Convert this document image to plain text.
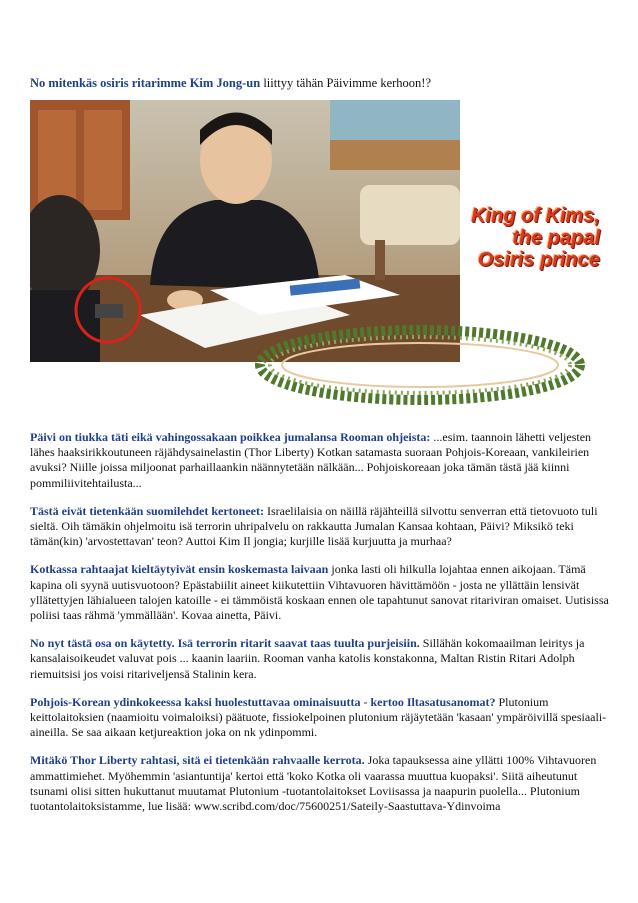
No mitenkäs osiris ritarimme Kim Jong-un liittyy tähän Päivimme kerhoon!?

King of Kims,
the papal
Osiris prince

Päivi on tiukka täti eikä vahingossakaan poikkea jumalansa Rooman ohjeista: ...esim. taannoin lähetti veljesten lähes haaksirikkoutuneen räjähdysainelastin (Thor Liberty) Kotkan satamasta suoraan Pohjois-Koreaan, vankileirien avuksi? Niille joissa miljoonat parhaillaankin näännytetään nälkään... Pohjoiskoreaan joka tämän tästä jää kiinni pommiliivitehtailusta...

Tästä eivät tietenkään suomilehdet kertoneet: Israelilaisia on näillä räjähteillä silvottu senverran että tietovuoto tuli sieltä. Oih tämäkin ohjelmoitu isä terrorin uhripalvelu on rakkautta Jumalan Kansaa kohtaan, Päivi? Miksikö teki tämän(kin) 'arvostettavan' teon? Auttoi Kim Il jongia; kurjille lisää kurjuutta ja murhaa?

Kotkassa rahtaajat kieltäytyivät ensin koskemasta laivaan jonka lasti oli hilkulla lojahtaa ennen aikojaan. Tämä kapina oli syynä uutisvuotoon? Epästabiilit aineet kiikutettiin Vihtavuoren hävittämöön - josta ne yllättäin lensivät yllätettyjen lähialueen talojen katoille - ei tämmöistä koskaan ennen ole tapahtunut sanovat ritariviran omaiset. Uutisissa poliisi taas rähmä 'ymmällään'. Kovaa ainetta, Päivi.

No nyt tästä osa on käytetty. Isä terrorin ritarit saavat taas tuulta purjeisiin. Sillähän kokomaailman leiritys ja kansalaisoikeudet valuvat pois ... kaanin laariin. Rooman vanha katolis konstakonna, Maltan Ristin Ritari Adolph riemuitsisi jos voisi ritariveljensä Stalinin kera.

Pohjois-Korean ydinkokeessa kaksi huolestuttavaa ominaisuutta - kertoo Iltasatusanomat? Plutonium keittolaitoksien (naamioitu voimaloiksi) päätuote, fissiokelpoinen plutonium räjäytetään 'kasaan' ympäröivillä spesiaali-aineilla. Se saa aikaan ketjureaktion joka on nk ydinpommi.

Mitäkö Thor Liberty rahtasi, sitä ei tietenkään rahvaalle kerrota. Joka tapauksessa aine yllätti 100% Vihtavuoren ammattimiehet. Myöhemmin 'asiantuntija' kertoi että 'koko Kotka oli vaarassa muuttua kuopaksi'. Siitä aiheutunut tsunami olisi sitten hukuttanut muutamat Plutonium -tuotantolaitokset Loviisassa ja naapurin puolella... Plutonium tuotantolaitoksistamme, lue lisää: www.scribd.com/doc/75600251/Sateily-Saastuttava-Ydinvoima
